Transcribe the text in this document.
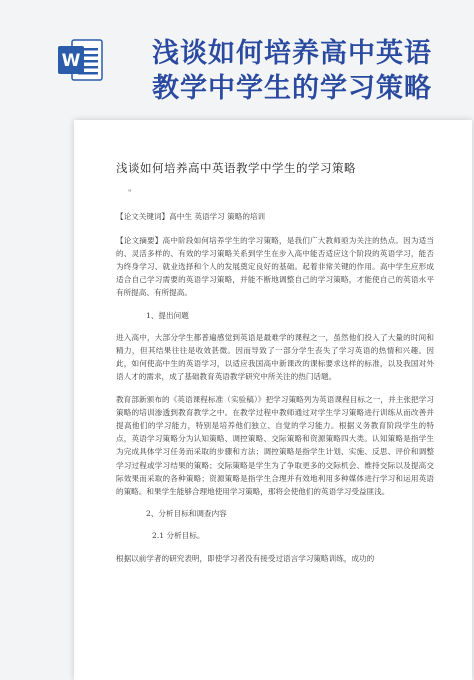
W	浅谈如何培养高中英语
教学中学生的学习策略

浅谈如何培养高中英语教学中学生的学习策略
"

【论文关键词】高中生 英语学习 策略的培训

【论文摘要】高中阶段如何培养学生的学习策略，是我们广大教师亟为关注的热点。因为适当的、灵活多样的、有效的学习策略关系到学生在步入高中能否适应这个阶段的英语学习，能否为终身学习、就业选择和个人的发展奠定良好的基础。起着非常关键的作用。高中学生应形成适合自己学习需要的英语学习策略，并能不断地调整自己的学习策略，才能使自己的英语水平有所提高、有所提高。

1、提出问题

进入高中，大部分学生都普遍感觉到英语是最难学的课程之一，虽然他们投入了大量的时间和精力，但其结果往往是收效甚微。因而导致了一部分学生丧失了学习英语的热情和兴趣。因此，如何使高中生的英语学习，以适应我国高中新课改的课标要求这样的标准，以及我国对外语人才的需求，成了基础教育英语教学研究中所关注的热门话题。

教育部新颁布的《英语课程标准（实验稿）》把学习策略列为英语课程目标之一，并主张把学习策略的培训渗透到教育教学之中。在教学过程中教师通过对学生学习策略进行训练从而改善并提高他们的学习能力，特别是培养他们独立、自觉的学习能力。根据义务教育阶段学生的特点，英语学习策略分为认知策略、调控策略、交际策略和资源策略四大类。认知策略是指学生为完成具体学习任务而采取的步骤和方法；调控策略是指学生计划、实施、反思、评价和调整学习过程或学习结果的策略；交际策略是学生为了争取更多的交际机会、维持交际以及提高交际效果而采取的各种策略；资源策略是指学生合理并有效地利用多种媒体进行学习和运用英语的策略。和果学生能够合理地使用学习策略，那将会使他们的英语学习受益匪浅。

2、分析目标和调查内容
2.1 分析目标。

根据以前学者的研究表明，即使学习者没有接受过语言学习策略训练，成功的
